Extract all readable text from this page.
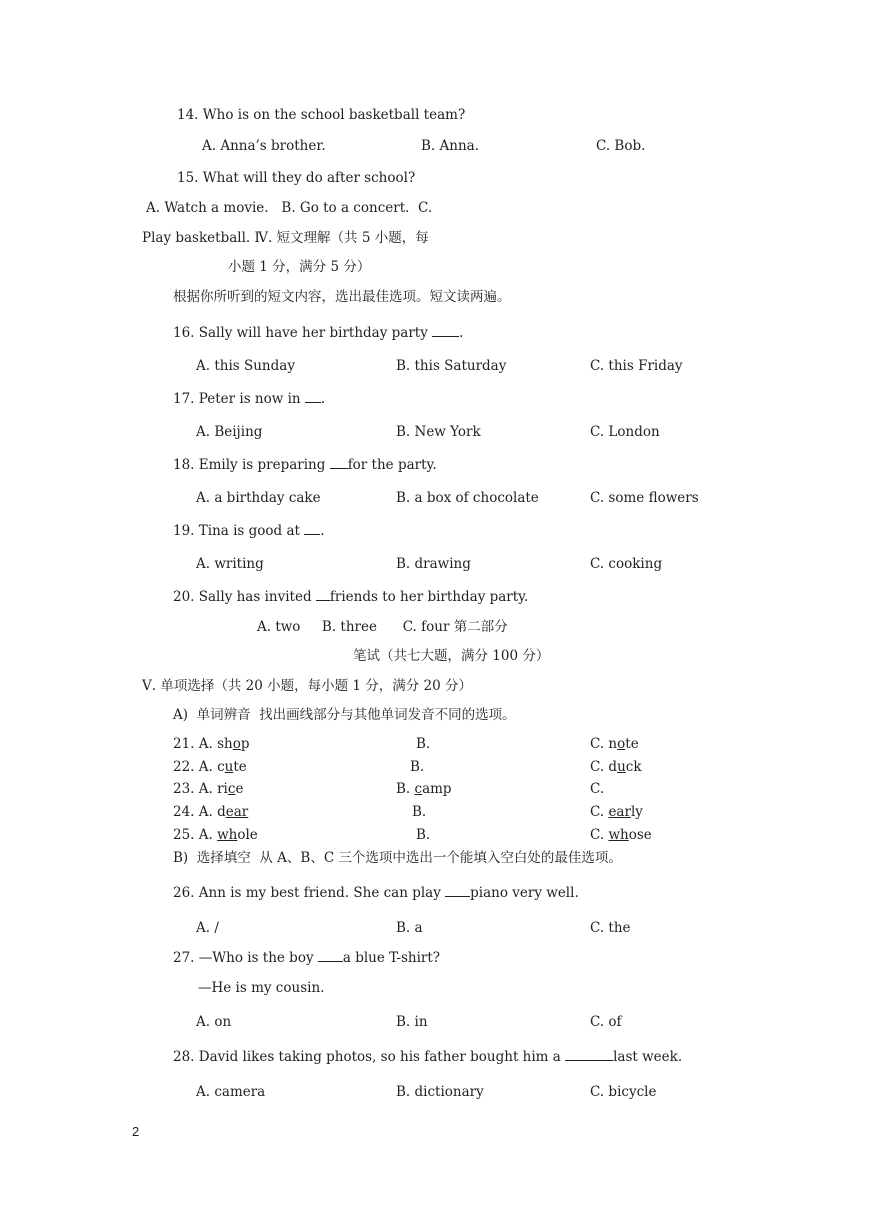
14. Who is on the school basketball team?
A. Anna’s brother.	B. Anna.	C. Bob.
15. What will they do after school?
A. Watch a movie.   B. Go to a concert.  C.
Play basketball. Ⅳ. 短文理解（共 5 小题，每
小题 1 分，满分 5 分）
根据你所听到的短文内容，选出最佳选项。短文读两遍。
16. Sally will have her birthday party .
A. this Sunday	B. this Saturday	C. this Friday
17. Peter is now in .
A. Beijing	B. New York	C. London
18. Emily is preparing for the party.
A. a birthday cake	B. a box of chocolate	C. some flowers
19. Tina is good at .
A. writing	B. drawing	C. cooking
20. Sally has invited friends to her birthday party.
A. two     B. three      C. four 第二部分
笔试（共七大题，满分 100 分）
Ⅴ. 单项选择（共 20 小题，每小题 1 分，满分 20 分）
A)  单词辨音  找出画线部分与其他单词发音不同的选项。
21. A. shop	B.	C. note
22. A. cute	B.	C. duck
23. A. rice	B. camp	C.
24. A. dear	B.	C. early
25. A. whole	B.	C. whose
B)  选择填空  从 A、B、C 三个选项中选出一个能填入空白处的最佳选项。
26. Ann is my best friend. She can play piano very well.
A. /	B. a	C. the
27. —Who is the boy a blue T-shirt?
—He is my cousin.
A. on	B. in	C. of
28. David likes taking photos, so his father bought him a	last week.
A. camera	B. dictionary	C. bicycle
2
